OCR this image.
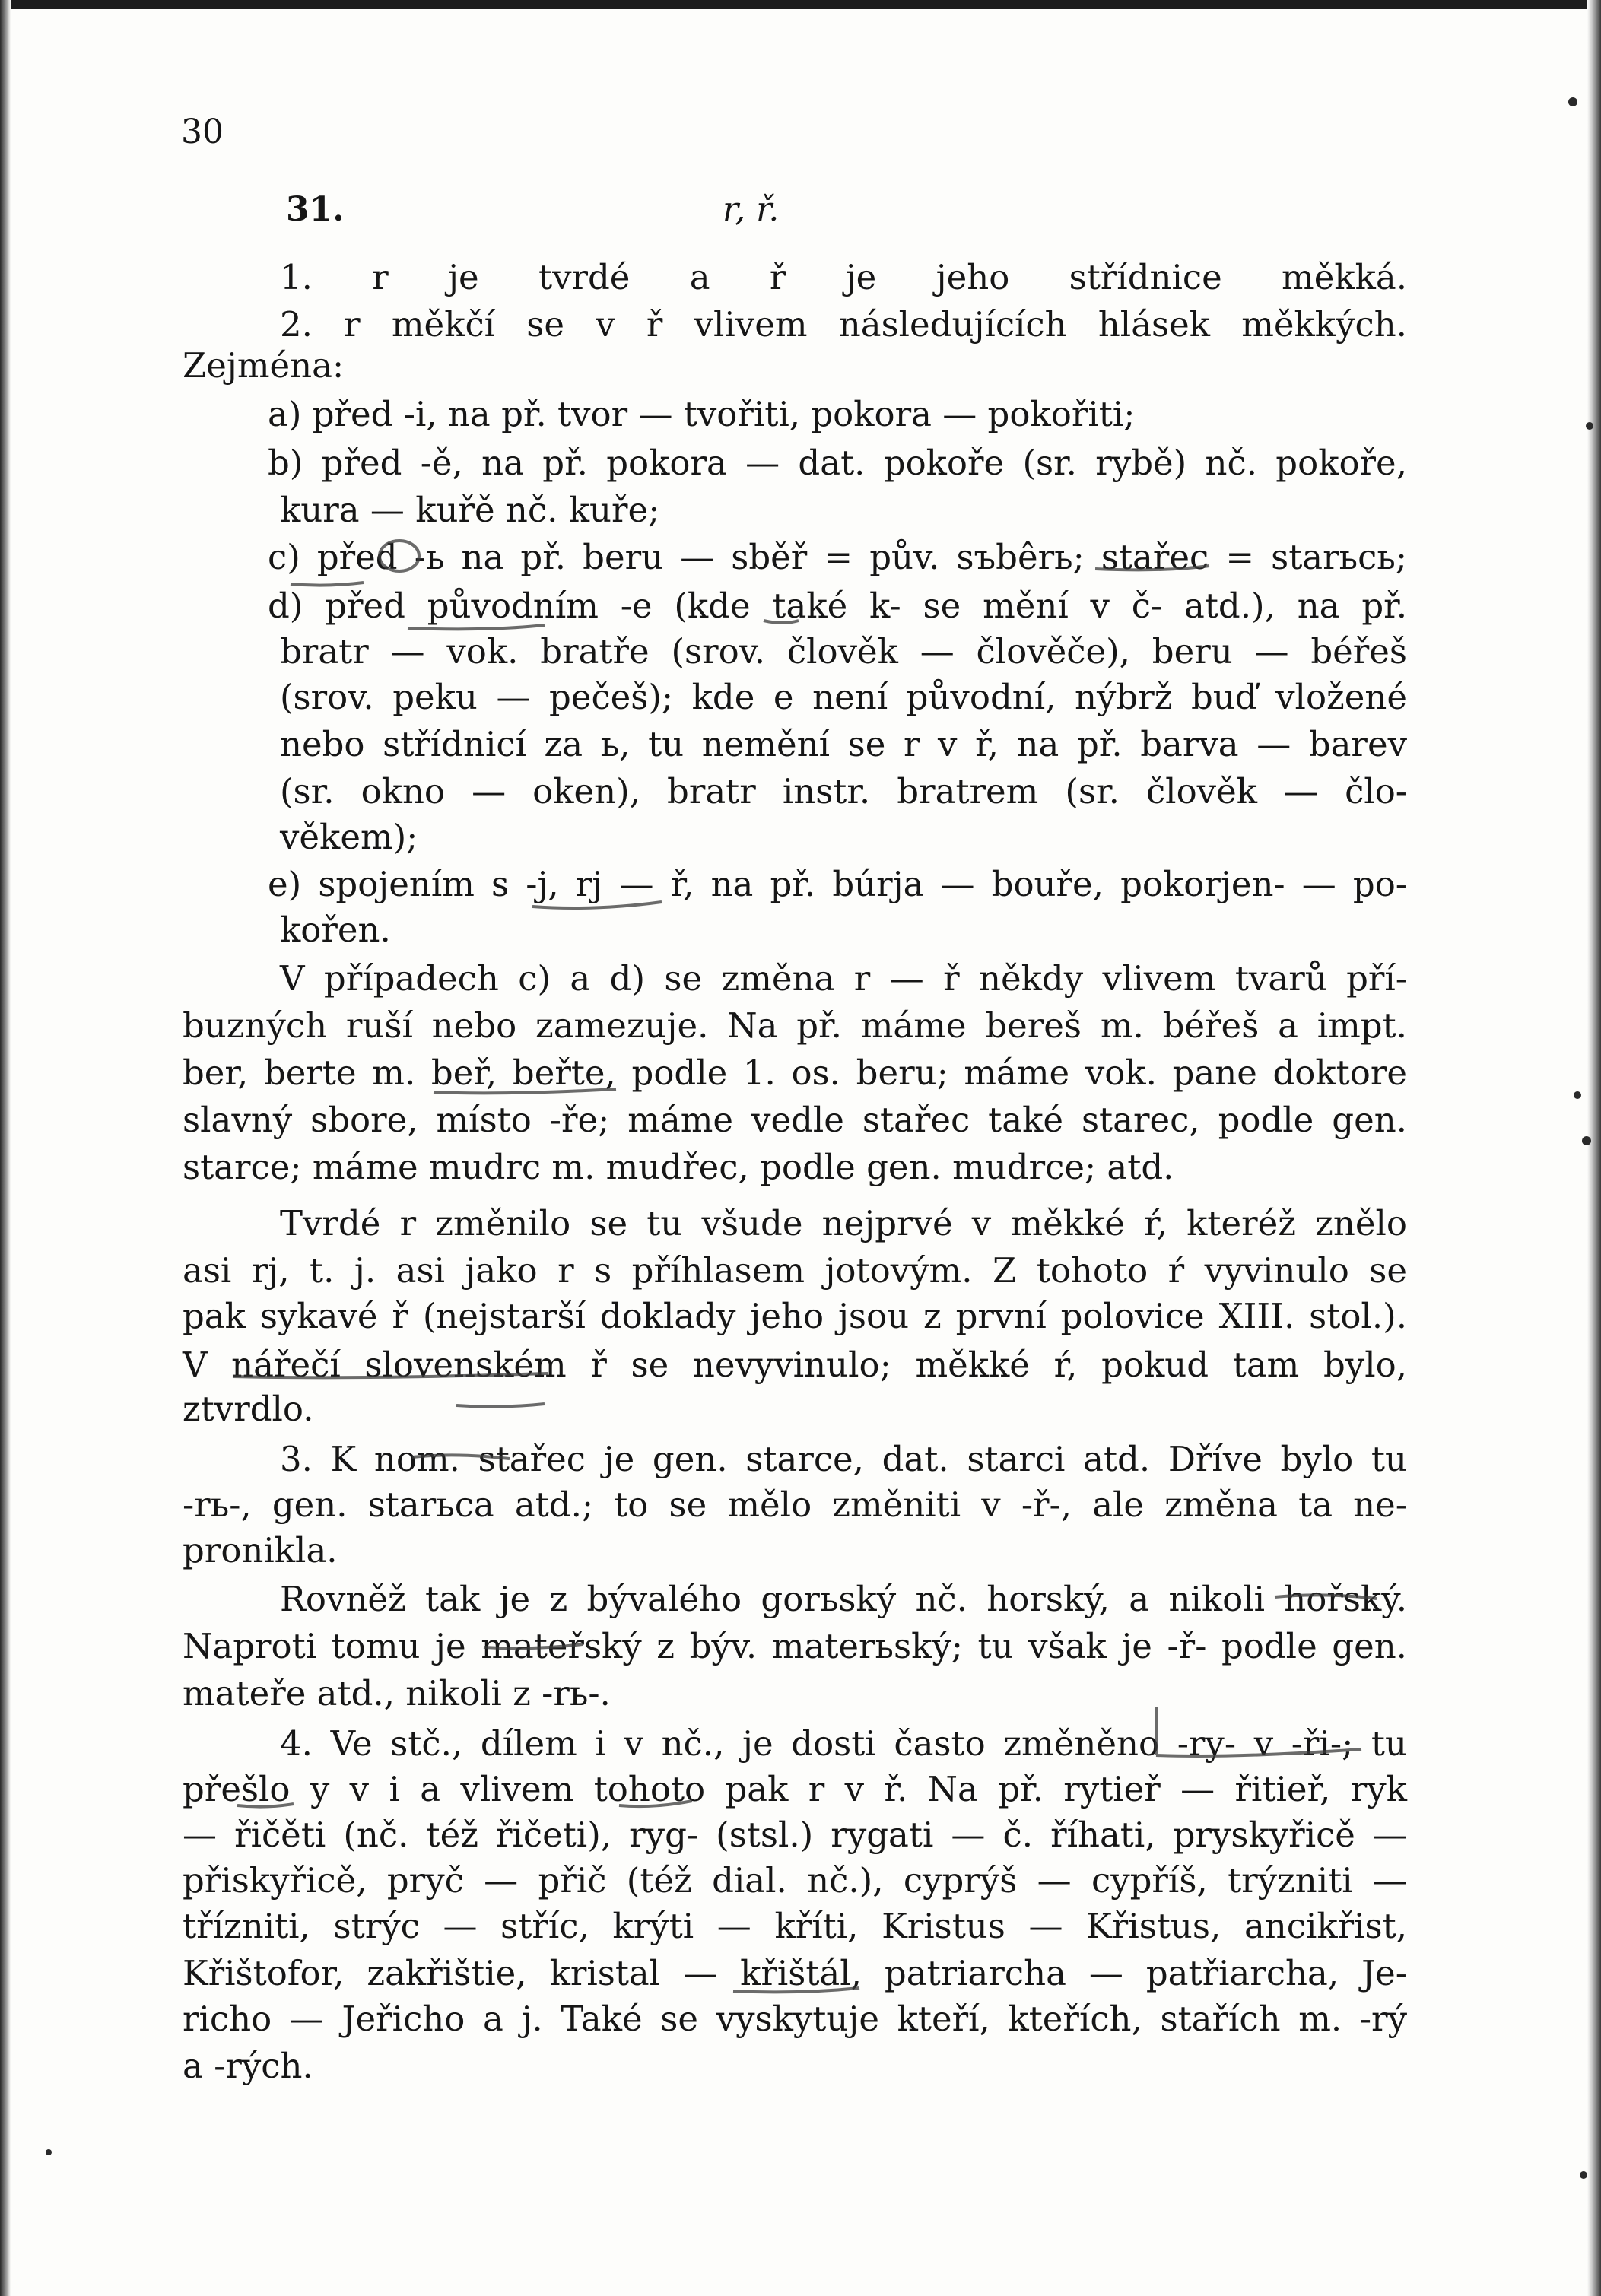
30
31.	r, ř.
1. r je tvrdé a ř je jeho střídnice měkká.
2. r měkčí se v ř vlivem následujících hlásek měkkých.
Zejména:
a) před -i, na př. tvor — tvořiti, pokora — pokořiti;
b) před -ě, na př. pokora — dat. pokoře (sr. rybě) nč. pokoře,
kura — kuřě nč. kuře;
c) před -ь na př. beru — sběř = pův. sъbêrь; stařec = starьcь;
d) před původním -e (kde také k- se mění v č- atd.), na př.
bratr — vok. bratře (srov. člověk — člověče), beru — béřeš
(srov. peku — pečeš); kde e není původní, nýbrž buď vložené
nebo střídnicí za ь, tu nemění se r v ř, na př. barva — barev
(sr. okno — oken), bratr instr. bratrem (sr. člověk — člo-
věkem);
e) spojením s -j, rj — ř, na př. búrja — bouře, pokorjen- — po-
kořen.
V případech c) a d) se změna r — ř někdy vlivem tvarů pří-
buzných ruší nebo zamezuje. Na př. máme bereš m. béřeš a impt.
ber, berte m. beř, beřte, podle 1. os. beru; máme vok. pane doktore
slavný sbore, místo -ře; máme vedle stařec také starec, podle gen.
starce; máme mudrc m. mudřec, podle gen. mudrce; atd.
Tvrdé r změnilo se tu všude nejprvé v měkké ŕ, kteréž znělo
asi rj, t. j. asi jako r s příhlasem jotovým. Z tohoto ŕ vyvinulo se
pak sykavé ř (nejstarší doklady jeho jsou z první polovice XIII. stol.).
V nářečí slovenském ř se nevyvinulo; měkké ŕ, pokud tam bylo,
ztvrdlo.
3. K nom. stařec je gen. starce, dat. starci atd. Dříve bylo tu
-rь-, gen. starьca atd.; to se mělo změniti v -ř-, ale změna ta ne-
pronikla.
Rovněž tak je z bývalého gorьský nč. horský, a nikoli hořský.
Naproti tomu je mateřský z býv. materьský; tu však je -ř- podle gen.
mateře atd., nikoli z -rь-.
4. Ve stč., dílem i v nč., je dosti často změněno -ry- v -ři-; tu
přešlo y v i a vlivem tohoto pak r v ř. Na př. rytieř — řitieř, ryk
— řičěti (nč. též řičeti), ryg- (stsl.) rygati — č. říhati, pryskyřicě —
přiskyřicě, pryč — přič (též dial. nč.), cyprýš — cypříš, trýzniti —
třízniti, strýc — stříc, krýti — kříti, Kristus — Křistus, ancikřist,
Křištofor, zakřištie, kristal — křištál, patriarcha — patřiarcha, Je-
richo — Jeřicho a j. Také se vyskytuje kteří, kteřích, stařích m. -rý
a -rých.
